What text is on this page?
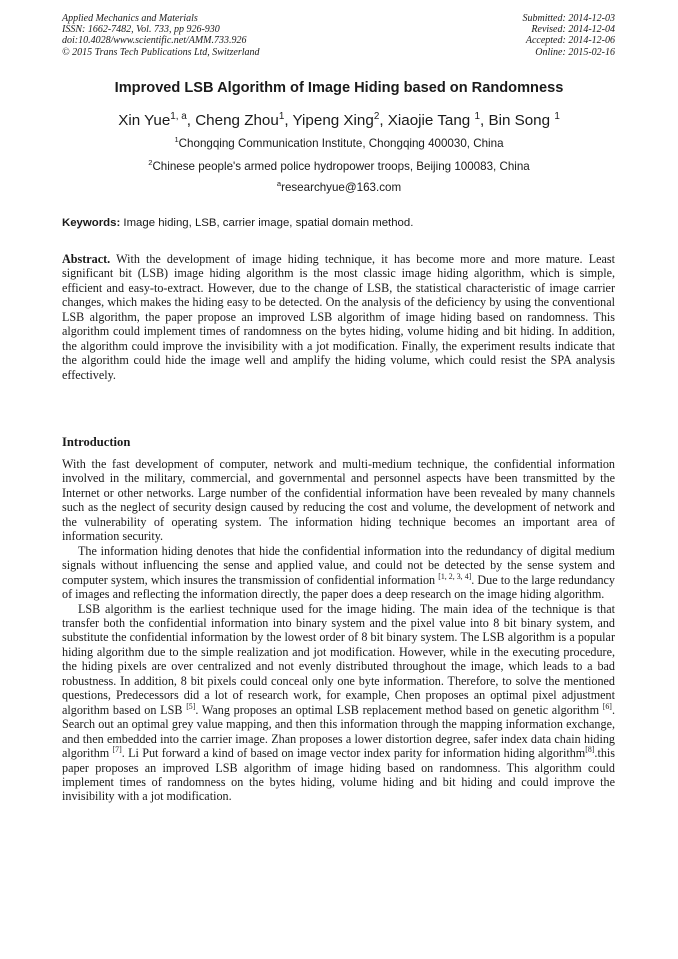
Applied Mechanics and Materials
ISSN: 1662-7482, Vol. 733, pp 926-930
doi:10.4028/www.scientific.net/AMM.733.926
© 2015 Trans Tech Publications Ltd, Switzerland
Submitted: 2014-12-03
Revised: 2014-12-04
Accepted: 2014-12-06
Online: 2015-02-16
Improved LSB Algorithm of Image Hiding based on Randomness
Xin Yue$^{1, a}$, Cheng Zhou$^1$, Yipeng Xing$^2$, Xiaojie Tang $^1$, Bin Song $^1$
$^1$Chongqing Communication Institute, Chongqing 400030, China
$^2$Chinese people's armed police hydropower troops, Beijing 100083, China
$^a$researchyue@163.com
Keywords: Image hiding, LSB, carrier image, spatial domain method.
Abstract. With the development of image hiding technique, it has become more and more mature. Least significant bit (LSB) image hiding algorithm is the most classic image hiding algorithm, which is simple, efficient and easy-to-extract. However, due to the change of LSB, the statistical characteristic of image carrier changes, which makes the hiding easy to be detected. On the analysis of the deficiency by using the conventional LSB algorithm, the paper propose an improved LSB algorithm of image hiding based on randomness. This algorithm could implement times of randomness on the bytes hiding, volume hiding and bit hiding. In addition, the algorithm could improve the invisibility with a jot modification. Finally, the experiment results indicate that the algorithm could hide the image well and amplify the hiding volume, which could resist the SPA analysis effectively.
Introduction

With the fast development of computer, network and multi-medium technique, the confidential information involved in the military, commercial, and governmental and personnel aspects have been transmitted by the Internet or other networks. Large number of the confidential information have been revealed by many channels such as the neglect of security design caused by reducing the cost and volume, the development of network and the vulnerability of operating system. The information hiding technique becomes an important area of information security.

The information hiding denotes that hide the confidential information into the redundancy of digital medium signals without influencing the sense and applied value, and could not be detected by the sense system and computer system, which insures the transmission of confidential information [1, 2, 3, 4]. Due to the large redundancy of images and reflecting the information directly, the paper does a deep research on the image hiding algorithm.

LSB algorithm is the earliest technique used for the image hiding. The main idea of the technique is that transfer both the confidential information into binary system and the pixel value into 8 bit binary system, and substitute the confidential information by the lowest order of 8 bit binary system. The LSB algorithm is a popular hiding algorithm due to the simple realization and jot modification. However, while in the executing procedure, the hiding pixels are over centralized and not evenly distributed throughout the image, which leads to a bad robustness. In addition, 8 bit pixels could conceal only one byte information. Therefore, to solve the mentioned questions, Predecessors did a lot of research work, for example, Chen proposes an optimal pixel adjustment algorithm based on LSB [5]. Wang proposes an optimal LSB replacement method based on genetic algorithm [6]. Search out an optimal grey value mapping, and then this information through the mapping information exchange, and then embedded into the carrier image. Zhan proposes a lower distortion degree, safer index data chain hiding algorithm [7]. Li Put forward a kind of based on image vector index parity for information hiding algorithm[8].this paper proposes an improved LSB algorithm of image hiding based on randomness. This algorithm could implement times of randomness on the bytes hiding, volume hiding and bit hiding and could improve the invisibility with a jot modification.
